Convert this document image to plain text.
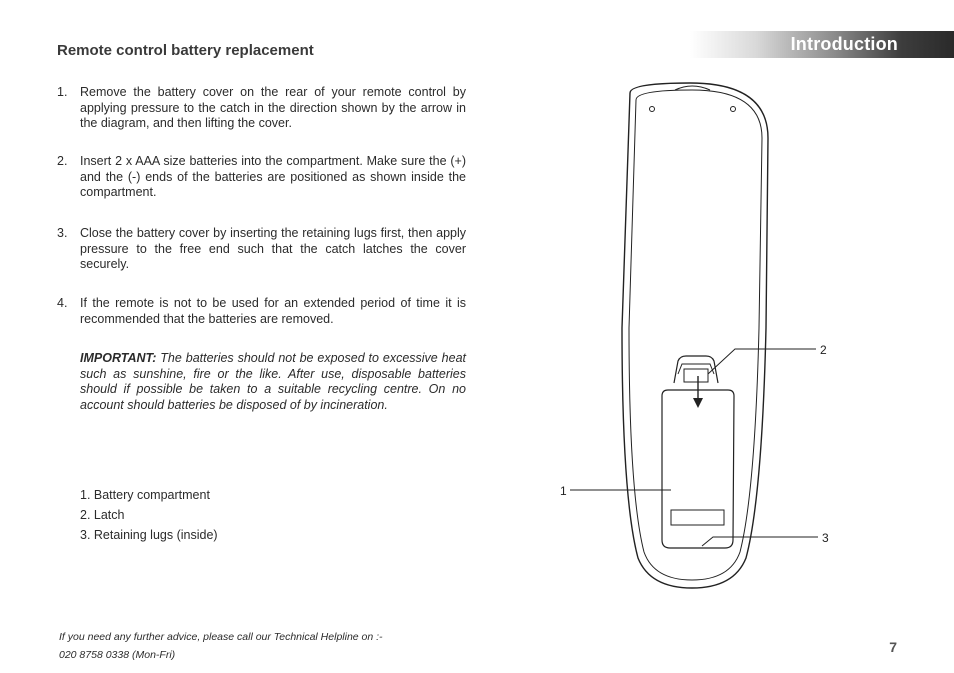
Introduction
Remote control battery replacement
1. Remove the battery cover on the rear of your remote control by applying pressure to the catch in the direction shown by the arrow in the diagram, and then lifting the cover.
2. Insert 2 x AAA size batteries into the compartment. Make sure the (+) and the (-) ends of the batteries are positioned as shown inside the compartment.
3. Close the battery cover by inserting the retaining lugs first, then apply pressure to the free end such that the catch latches the cover securely.
4. If the remote is not to be used for an extended period of time it is recommended that the batteries are removed.
IMPORTANT: The batteries should not be exposed to excessive heat such as sunshine, fire or the like. After use, disposable batteries should if possible be taken to a suitable recycling centre. On no account should batteries be disposed of by incineration.
1. Battery compartment
2. Latch
3. Retaining lugs (inside)
1
2
3
If you need any further advice, please call our Technical Helpline on :-
020 8758 0338 (Mon-Fri)	7
